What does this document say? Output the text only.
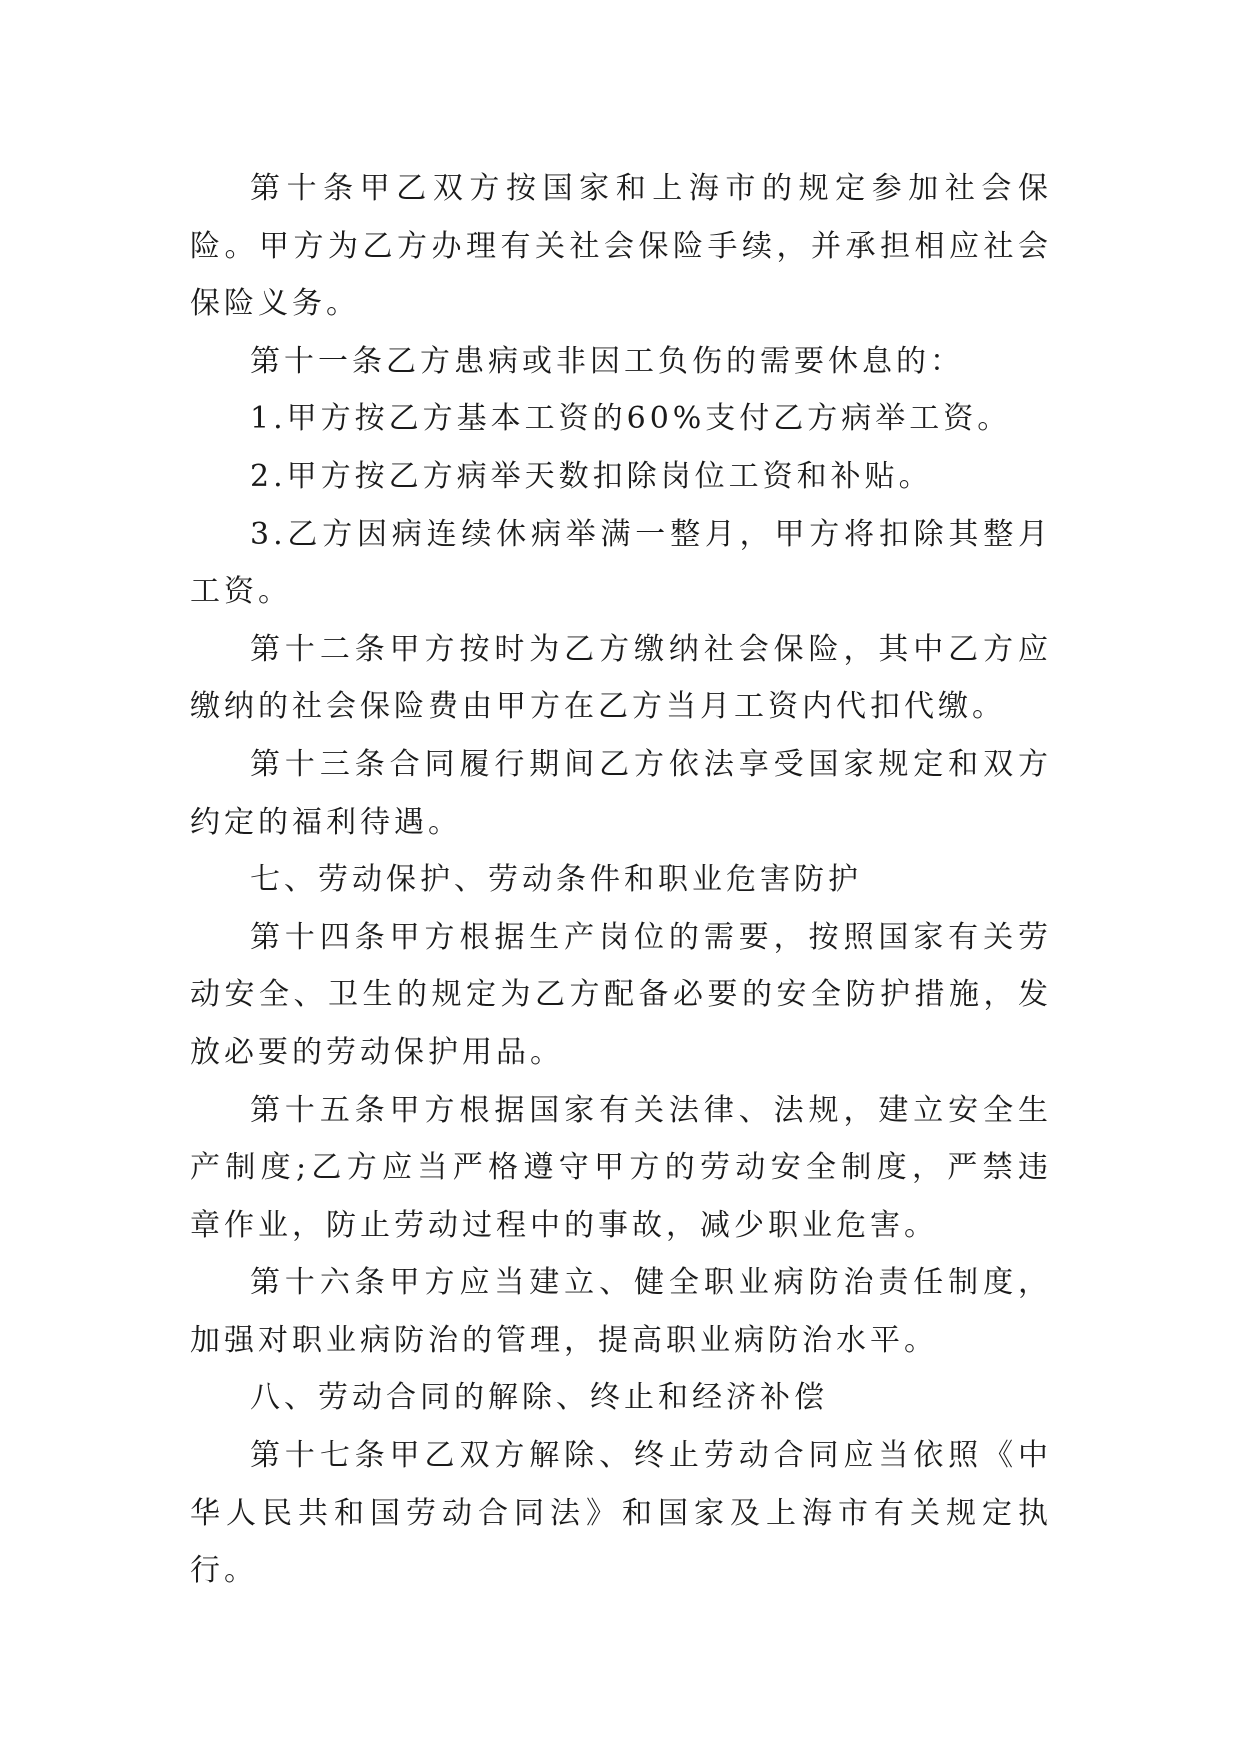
第十条甲乙双方按国家和上海市的规定参加社会保险。甲方为乙方办理有关社会保险手续，并承担相应社会保险义务。

第十一条乙方患病或非因工负伤的需要休息的：

1.甲方按乙方基本工资的60%支付乙方病举工资。

2.甲方按乙方病举天数扣除岗位工资和补贴。

3.乙方因病连续休病举满一整月，甲方将扣除其整月工资。

第十二条甲方按时为乙方缴纳社会保险，其中乙方应缴纳的社会保险费由甲方在乙方当月工资内代扣代缴。

第十三条合同履行期间乙方依法享受国家规定和双方约定的福利待遇。

七、劳动保护、劳动条件和职业危害防护

第十四条甲方根据生产岗位的需要，按照国家有关劳动安全、卫生的规定为乙方配备必要的安全防护措施，发放必要的劳动保护用品。

第十五条甲方根据国家有关法律、法规，建立安全生产制度;乙方应当严格遵守甲方的劳动安全制度，严禁违章作业，防止劳动过程中的事故，减少职业危害。

第十六条甲方应当建立、健全职业病防治责任制度，加强对职业病防治的管理，提高职业病防治水平。

八、劳动合同的解除、终止和经济补偿

第十七条甲乙双方解除、终止劳动合同应当依照《中华人民共和国劳动合同法》和国家及上海市有关规定执行。
